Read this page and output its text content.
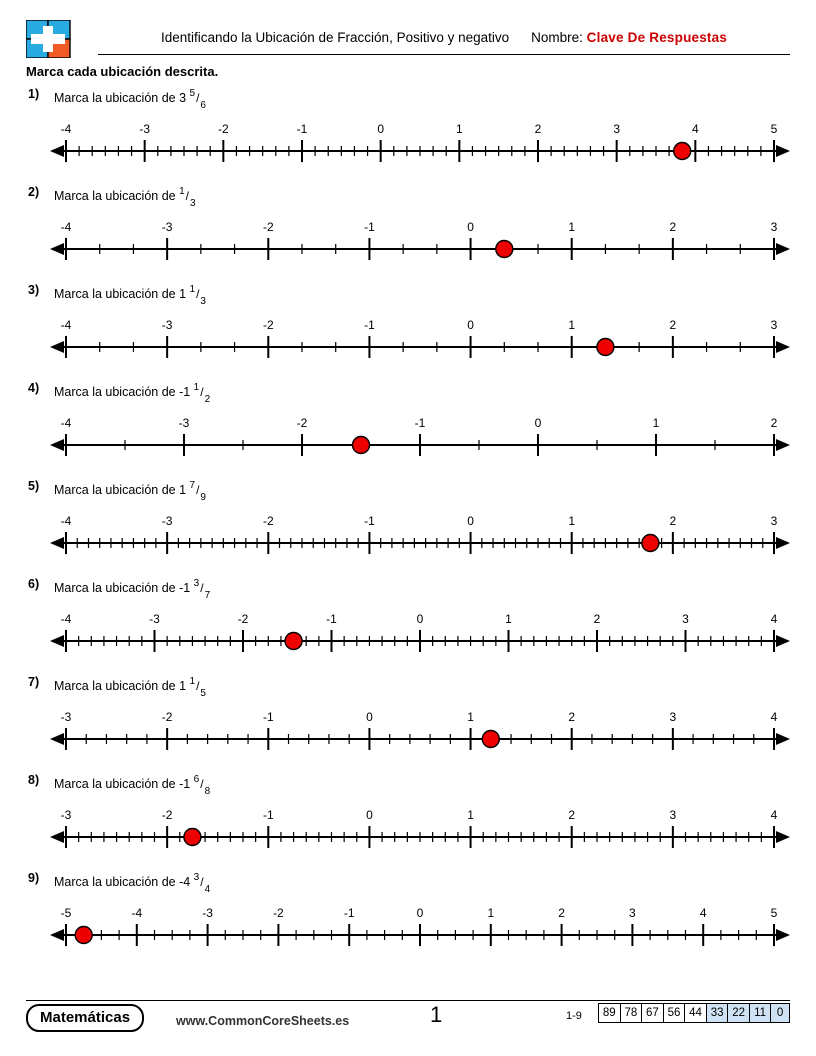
Identificando la Ubicación de Fracción, Positivo y negativo Nombre: Clave De Respuestas
Marca cada ubicación descrita.
1) Marca la ubicación de 3 $^5/_6$
-4	-3	-2	-1	0	1	2	3	4	5
2) Marca la ubicación de $^1/_3$
-4	-3	-2	-1	0	1	2	3
3) Marca la ubicación de 1 $^1/_3$
-4	-3	-2	-1	0	1	2	3
4) Marca la ubicación de -1 $^1/_2$
-4	-3	-2	-1	0	1	2
5) Marca la ubicación de 1 $^7/_9$
-4	-3	-2	-1	0	1	2	3
6) Marca la ubicación de -1 $^3/_7$
-4	-3	-2	-1	0	1	2	3	4
7) Marca la ubicación de 1 $^1/_5$
-3	-2	-1	0	1	2	3	4
8) Marca la ubicación de -1 $^6/_8$
-3	-2	-1	0	1	2	3	4
9) Marca la ubicación de -4 $^3/_4$
-5	-4	-3	-2	-1	0	1	2	3	4	5
Matemáticas	www.CommonCoreSheets.es	1	1-9 89	78	67	56	44	33	22	11	0
